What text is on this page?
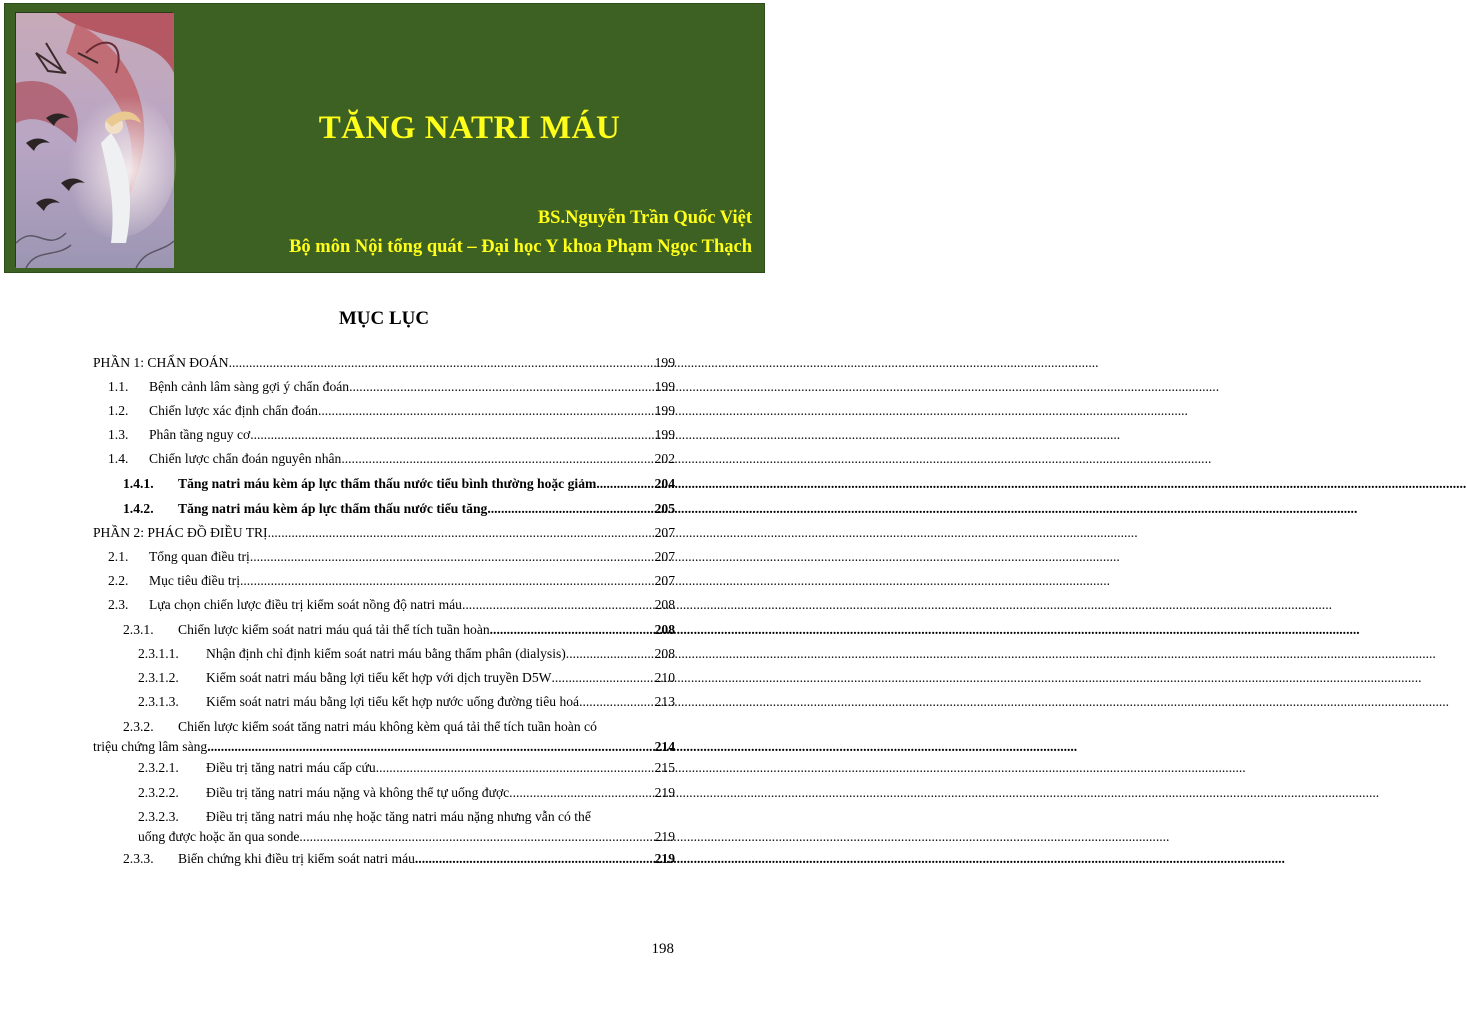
TĂNG NATRI MÁU
BS.Nguyễn Trần Quốc Việt
Bộ môn Nội tổng quát – Đại học Y khoa Phạm Ngọc Thạch
MỤC LỤC
PHẦN 1: CHẨN ĐOÁN .....	199
1.1.	Bệnh cảnh lâm sàng gợi ý chẩn đoán .....	199
1.2.	Chiến lược xác định chẩn đoán .....	199
1.3.	Phân tầng nguy cơ .....	199
1.4.	Chiến lược chẩn đoán nguyên nhân .....	202
1.4.1.	Tăng natri máu kèm áp lực thẩm thấu nước tiểu bình thường hoặc giảm .....	204
1.4.2.	Tăng natri máu kèm áp lực thẩm thấu nước tiểu tăng .....	205
PHẦN 2: PHÁC ĐỒ ĐIỀU TRỊ .....	207
2.1.	Tổng quan điều trị .....	207
2.2.	Mục tiêu điều trị .....	207
2.3.	Lựa chọn chiến lược điều trị kiểm soát nồng độ natri máu .....	208
2.3.1.	Chiến lược kiểm soát natri máu quá tải thể tích tuần hoàn .....	208
2.3.1.1.	Nhận định chỉ định kiểm soát natri máu bằng thẩm phân (dialysis) .....	208
2.3.1.2.	Kiểm soát natri máu bằng lợi tiểu kết hợp với dịch truyền D5W .....	210
2.3.1.3.	Kiểm soát natri máu bằng lợi tiểu kết hợp nước uống đường tiêu hoá .....	213
2.3.2.	Chiến lược kiểm soát tăng natri máu không kèm quá tải thể tích tuần hoàn có
triệu chứng lâm sàng .....	214
2.3.2.1.	Điều trị tăng natri máu cấp cứu .....	215
2.3.2.2.	Điều trị tăng natri máu nặng và không thể tự uống được .....	219
2.3.2.3.	Điều trị tăng natri máu nhẹ hoặc tăng natri máu nặng nhưng vẫn có thể
uống được hoặc ăn qua sonde .....	219
2.3.3.	Biến chứng khi điều trị kiểm soát natri máu .....	219
198
